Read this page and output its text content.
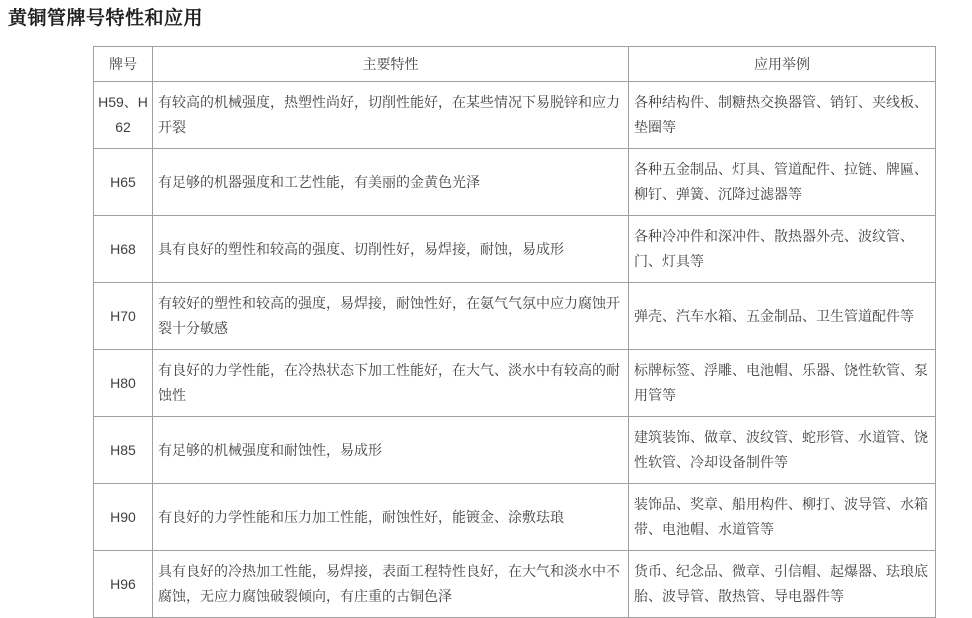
黄铜管牌号特性和应用
牌号	主要特性	应用举例
H59、H62	有较高的机械强度，热塑性尚好，切削性能好，在某些情况下易脱锌和应力开裂	各种结构件、制糖热交换器管、销钉、夹线板、垫圈等
H65	有足够的机器强度和工艺性能，有美丽的金黄色光泽	各种五金制品、灯具、管道配件、拉链、牌匾、柳钉、弹簧、沉降过滤器等
H68	具有良好的塑性和较高的强度、切削性好，易焊接，耐蚀，易成形	各种冷冲件和深冲件、散热器外壳、波纹管、门、灯具等
H70	有较好的塑性和较高的强度，易焊接，耐蚀性好，在氨气气氛中应力腐蚀开裂十分敏感	弹壳、汽车水箱、五金制品、卫生管道配件等
H80	有良好的力学性能，在冷热状态下加工性能好，在大气、淡水中有较高的耐蚀性	标牌标签、浮雕、电池帽、乐器、饶性软管、泵用管等
H85	有足够的机械强度和耐蚀性，易成形	建筑装饰、做章、波纹管、蛇形管、水道管、饶性软管、冷却设备制件等
H90	有良好的力学性能和压力加工性能，耐蚀性好，能镀金、涂敷珐琅	装饰品、奖章、船用构件、柳打、波导管、水箱带、电池帽、水道管等
H96	具有良好的冷热加工性能，易焊接，表面工程特性良好，在大气和淡水中不腐蚀，无应力腐蚀破裂倾向，有庄重的古铜色泽	货币、纪念品、微章、引信帽、起爆器、珐琅底胎、波导管、散热管、导电器件等
